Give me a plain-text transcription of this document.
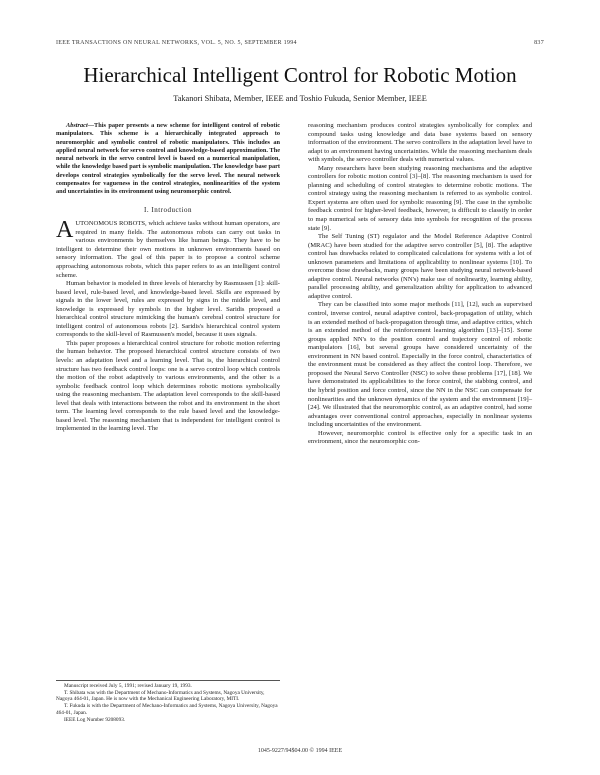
IEEE TRANSACTIONS ON NEURAL NETWORKS, VOL. 5, NO. 5, SEPTEMBER 1994	837
Hierarchical Intelligent Control for Robotic Motion
Takanori Shibata, Member, IEEE and Toshio Fukuda, Senior Member, IEEE

Abstract—This paper presents a new scheme for intelligent control of robotic manipulators. This scheme is a hierarchically integrated approach to neuromorphic and symbolic control of robotic manipulators. This includes an applied neural network for servo control and knowledge-based approximation. The neural network in the servo control level is based on a numerical manipulation, while the knowledge based part is symbolic manipulation. The knowledge base part develops control strategies symbolically for the servo level. The neural network compensates for vagueness in the control strategies, nonlinearities of the system and uncertainties in its environment using neuromorphic control.

I. Introduction

AUTONOMOUS ROBOTS, which achieve tasks without human operators, are required in many fields. The autonomous robots can carry out tasks in various environments by themselves like human beings. They have to be intelligent to determine their own motions in unknown environments based on sensory information. The goal of this paper is to propose a control scheme approaching autonomous robots, which this paper refers to as an intelligent control scheme.

Human behavior is modeled in three levels of hierarchy by Rasmussen [1]: skill-based level, rule-based level, and knowledge-based level. Skills are expressed by signals in the lower level, rules are expressed by signs in the middle level, and knowledge is expressed by symbols in the higher level. Saridis proposed a hierarchical control structure mimicking the human's cerebral control structure for intelligent control of autonomous robots [2]. Saridis's hierarchical control system corresponds to the skill-level of Rasmussen's model, because it uses signals.

This paper proposes a hierarchical control structure for robotic motion referring the human behavior. The proposed hierarchical control structure consists of two levels: an adaptation level and a learning level. That is, the hierarchical control structure has two feedback control loops: one is a servo control loop which controls the motion of the robot adaptively to various environments, and the other is a symbolic feedback control loop which determines robotic motions symbolically using the reasoning mechanism. The adaptation level corresponds to the skill-based level that deals with interactions between the robot and its environment in the short term. The learning level corresponds to the rule based level and the knowledge-based level. The reasoning mechanism that is independent for intelligent control is implemented in the learning level. The

Manuscript received July 5, 1991; revised January 19, 1993.

T. Shibata was with the Department of Mechano-Informatics and Systems, Nagoya University, Nagoya 464-01, Japan. He is now with the Mechanical Engineering Laboratory, MITI.

T. Fukuda is with the Department of Mechano-Informatics and Systems, Nagoya University, Nagoya 464-01, Japan.

IEEE Log Number 9208093.

reasoning mechanism produces control strategies symbolically for complex and compound tasks using knowledge and data base systems based on sensory information of the environment. The servo controllers in the adaptation level have to adapt to an environment having uncertainties. While the reasoning mechanism deals with symbols, the servo controller deals with numerical values.

Many researchers have been studying reasoning mechanisms and the adaptive controllers for robotic motion control [3]–[8]. The reasoning mechanism is used for planning and scheduling of control strategies to determine robotic motions. The control strategy using the reasoning mechanism is referred to as symbolic control. Expert systems are often used for symbolic reasoning [9]. The case in the symbolic feedback control for higher-level feedback, however, is difficult to classify in order to map numerical sets of sensory data into symbols for recognition of the process state [9].

The Self Tuning (ST) regulator and the Model Reference Adaptive Control (MRAC) have been studied for the adaptive servo controller [5], [8]. The adaptive control has drawbacks related to complicated calculations for systems with a lot of unknown parameters and limitations of applicability to nonlinear systems [10]. To overcome those drawbacks, many groups have been studying neural network-based adaptive control. Neural networks (NN's) make use of nonlinearity, learning ability, parallel processing ability, and generalization ability for application to advanced adaptive control.

They can be classified into some major methods [11], [12], such as supervised control, inverse control, neural adaptive control, back-propagation of utility, which is an extended method of back-propagation through time, and adaptive critics, which is an extended method of the reinforcement learning algorithm [13]–[15]. Some groups applied NN's to the position control and trajectory control of robotic manipulators [16], but several groups have considered uncertainty of the environment in NN based control. Especially in the force control, characteristics of the environment must be considered as they affect the control loop. Therefore, we proposed the Neural Servo Controller (NSC) to solve these problems [17], [18]. We have demonstrated its applicabilities to the force control, the stabbing control, and the hybrid position and force control, since the NN in the NSC can compensate for nonlinearities and the unknown dynamics of the system and the environment [19]–[24]. We illustrated that the neuromorphic control, as an adaptive control, had some advantages over conventional control approaches, especially in nonlinear systems including uncertainties of the environment.

However, neuromorphic control is effective only for a specific task in an environment, since the neuromorphic con-

1045-9227/94$04.00 © 1994 IEEE
